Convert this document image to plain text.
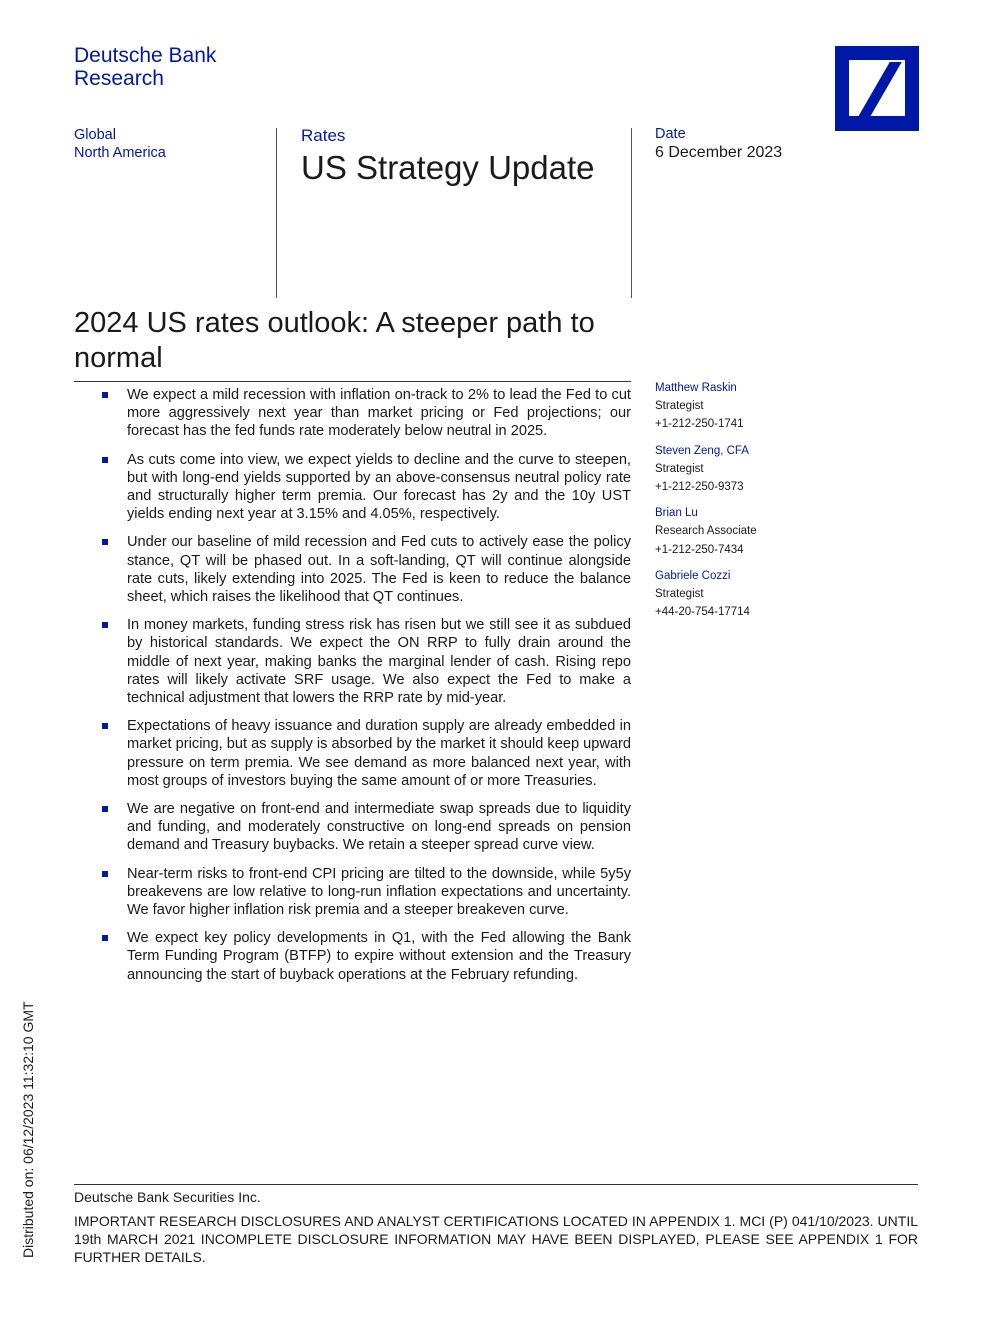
Deutsche Bank
Research
Global
North America
Rates
US Strategy Update
Date
6 December 2023
2024 US rates outlook: A steeper path to normal
We expect a mild recession with inflation on-track to 2% to lead the Fed to cut more aggressively next year than market pricing or Fed projections; our forecast has the fed funds rate moderately below neutral in 2025.
As cuts come into view, we expect yields to decline and the curve to steepen, but with long-end yields supported by an above-consensus neutral policy rate and structurally higher term premia. Our forecast has 2y and the 10y UST yields ending next year at 3.15% and 4.05%, respectively.
Under our baseline of mild recession and Fed cuts to actively ease the policy stance, QT will be phased out. In a soft-landing, QT will continue alongside rate cuts, likely extending into 2025. The Fed is keen to reduce the balance sheet, which raises the likelihood that QT continues.
In money markets, funding stress risk has risen but we still see it as subdued by historical standards. We expect the ON RRP to fully drain around the middle of next year, making banks the marginal lender of cash. Rising repo rates will likely activate SRF usage. We also expect the Fed to make a technical adjustment that lowers the RRP rate by mid-year.
Expectations of heavy issuance and duration supply are already embedded in market pricing, but as supply is absorbed by the market it should keep upward pressure on term premia. We see demand as more balanced next year, with most groups of investors buying the same amount of or more Treasuries.
We are negative on front-end and intermediate swap spreads due to liquidity and funding, and moderately constructive on long-end spreads on pension demand and Treasury buybacks. We retain a steeper spread curve view.
Near-term risks to front-end CPI pricing are tilted to the downside, while 5y5y breakevens are low relative to long-run inflation expectations and uncertainty. We favor higher inflation risk premia and a steeper breakeven curve.
We expect key policy developments in Q1, with the Fed allowing the Bank Term Funding Program (BTFP) to expire without extension and the Treasury announcing the start of buyback operations at the February refunding.
Matthew Raskin
Strategist
+1-212-250-1741
Steven Zeng, CFA
Strategist
+1-212-250-9373
Brian Lu
Research Associate
+1-212-250-7434
Gabriele Cozzi
Strategist
+44-20-754-17714
Distributed on: 06/12/2023 11:32:10 GMT	Deutsche Bank Securities Inc.
IMPORTANT RESEARCH DISCLOSURES AND ANALYST CERTIFICATIONS LOCATED IN APPENDIX 1. MCI (P) 041/10/2023. UNTIL 19th MARCH 2021 INCOMPLETE DISCLOSURE INFORMATION MAY HAVE BEEN DISPLAYED, PLEASE SEE APPENDIX 1 FOR FURTHER DETAILS.
